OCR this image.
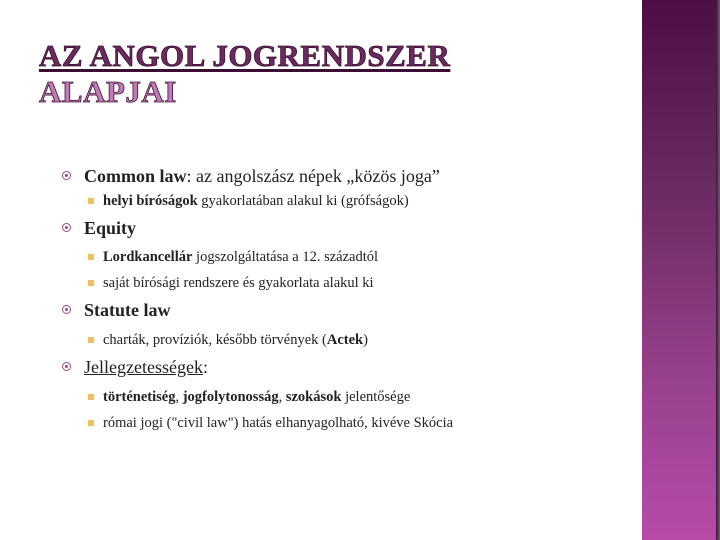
AZ ANGOL JOGRENDSZER
ALAPJAI
Common law: az angolszász népek „közös joga”
helyi bíróságok gyakorlatában alakul ki (grófságok)
Equity
Lordkancellár jogszolgáltatása a 12. századtól
saját bírósági rendszere és gyakorlata alakul ki
Statute law
charták, províziók, később törvények (Actek)
Jellegzetességek:
történetiség, jogfolytonosság, szokások jelentősége
római jogi ("civil law") hatás elhanyagolható, kivéve Skócia
